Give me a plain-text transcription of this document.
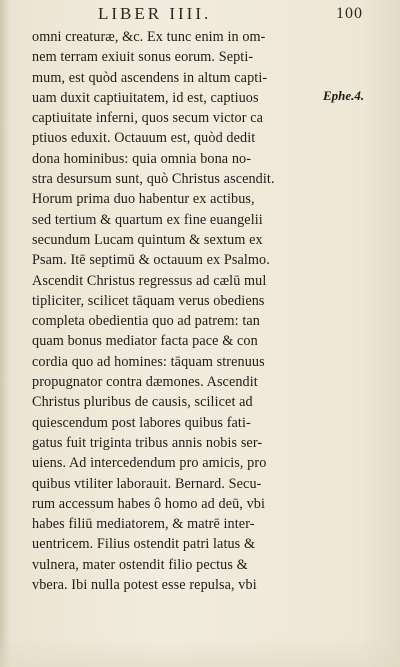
LIBER IIII.	100
Ephe.4.
omni creaturæ, &c. Ex tunc enim in om-
nem terram exiuit sonus eorum. Septi-
mum, est quòd ascendens in altum capti-
uam duxit captiuitatem, id est, captiuos
captiuitate inferni, quos secum victor ca
ptiuos eduxit. Octauum est, quòd dedit
dona hominibus: quia omnia bona no-
stra desursum sunt, quò Christus ascendit.
Horum prima duo habentur ex actibus,
sed tertium & quartum ex fine euangelii
secundum Lucam quintum & sextum ex
Psam. Itē septimū & octauum ex Psalmo.
Ascendit Christus regressus ad cælū mul
tipliciter, scilicet tāquam verus obediens
completa obedientia quo ad patrem: tan
quam bonus mediator facta pace & con
cordia quo ad homines: tāquam strenuus
propugnator contra dæmones. Ascendit
Christus pluribus de causis, scilicet ad
quiescendum post labores quibus fati-
gatus fuit triginta tribus annis nobis ser-
uiens. Ad intercedendum pro amicis, pro
quibus vtiliter laborauit. Bernard. Secu-
rum accessum habes ô homo ad deū, vbi
habes filiū mediatorem, & matrē inter-
uentricem. Filius ostendit patri latus &
vulnera, mater ostendit filio pectus &
vbera. Ibi nulla potest esse repulsa, vbi
